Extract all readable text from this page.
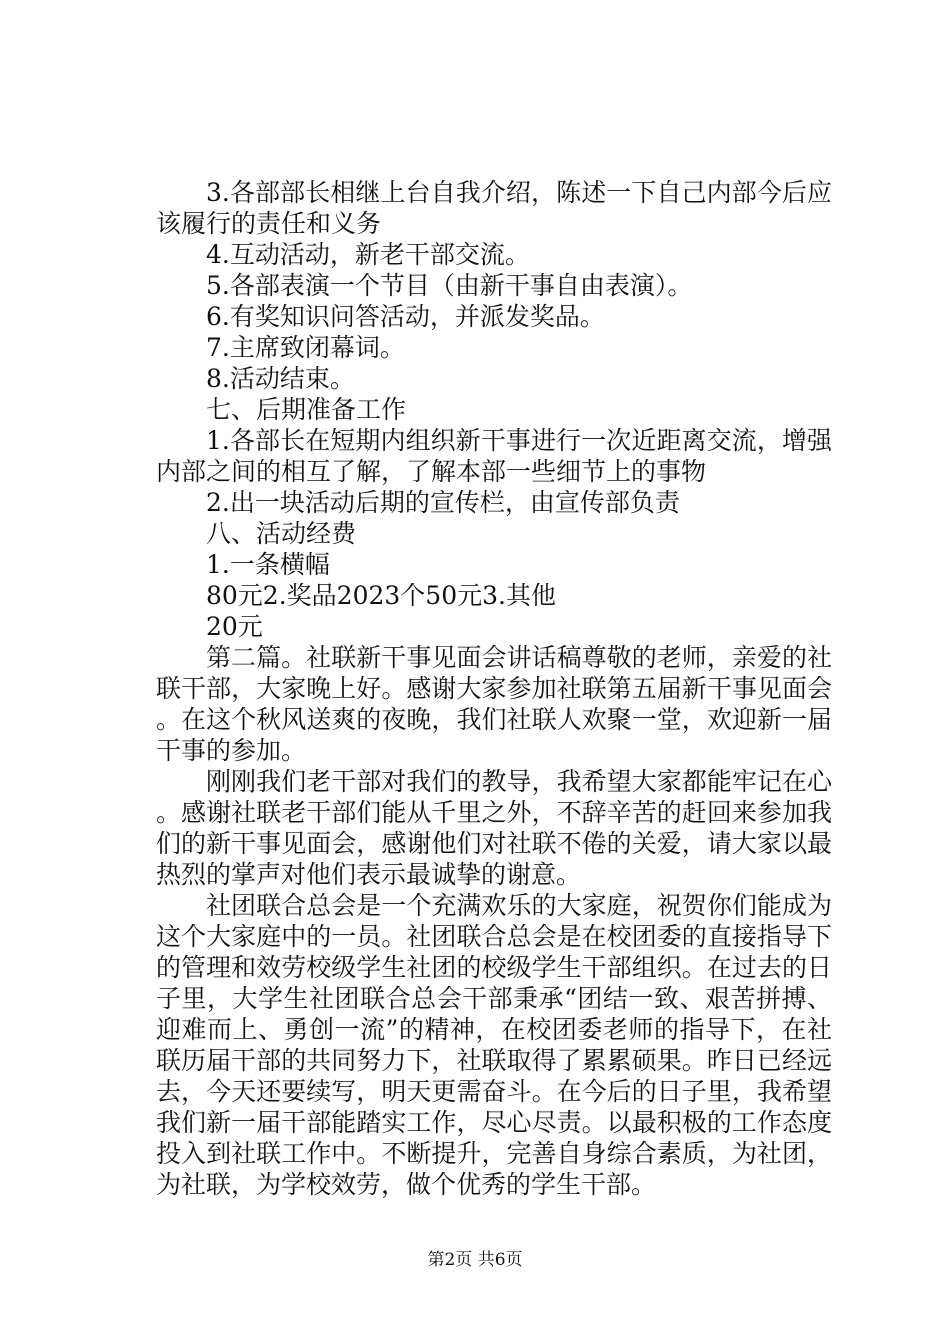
3.各部部长相继上台自我介绍，陈述一下自己内部今后应该履行的责任和义务

4.互动活动，新老干部交流。

5.各部表演一个节目（由新干事自由表演）。

6.有奖知识问答活动，并派发奖品。

7.主席致闭幕词。

8.活动结束。

七、后期准备工作

1.各部长在短期内组织新干事进行一次近距离交流，增强内部之间的相互了解，了解本部一些细节上的事物

2.出一块活动后期的宣传栏，由宣传部负责

八、活动经费

1.一条横幅

80元2.奖品2023个50元3.其他

20元

第二篇。社联新干事见面会讲话稿尊敬的老师，亲爱的社联干部，大家晚上好。感谢大家参加社联第五届新干事见面会。在这个秋风送爽的夜晚，我们社联人欢聚一堂，欢迎新一届干事的参加。

刚刚我们老干部对我们的教导，我希望大家都能牢记在心。感谢社联老干部们能从千里之外，不辞辛苦的赶回来参加我们的新干事见面会，感谢他们对社联不倦的关爱，请大家以最热烈的掌声对他们表示最诚挚的谢意。

社团联合总会是一个充满欢乐的大家庭，祝贺你们能成为这个大家庭中的一员。社团联合总会是在校团委的直接指导下的管理和效劳校级学生社团的校级学生干部组织。在过去的日子里，大学生社团联合总会干部秉承“团结一致、艰苦拼搏、迎难而上、勇创一流”的精神，在校团委老师的指导下，在社联历届干部的共同努力下，社联取得了累累硕果。昨日已经远去，今天还要续写，明天更需奋斗。在今后的日子里，我希望我们新一届干部能踏实工作，尽心尽责。以最积极的工作态度投入到社联工作中。不断提升，完善自身综合素质，为社团，为社联，为学校效劳，做个优秀的学生干部。

第2页 共6页
